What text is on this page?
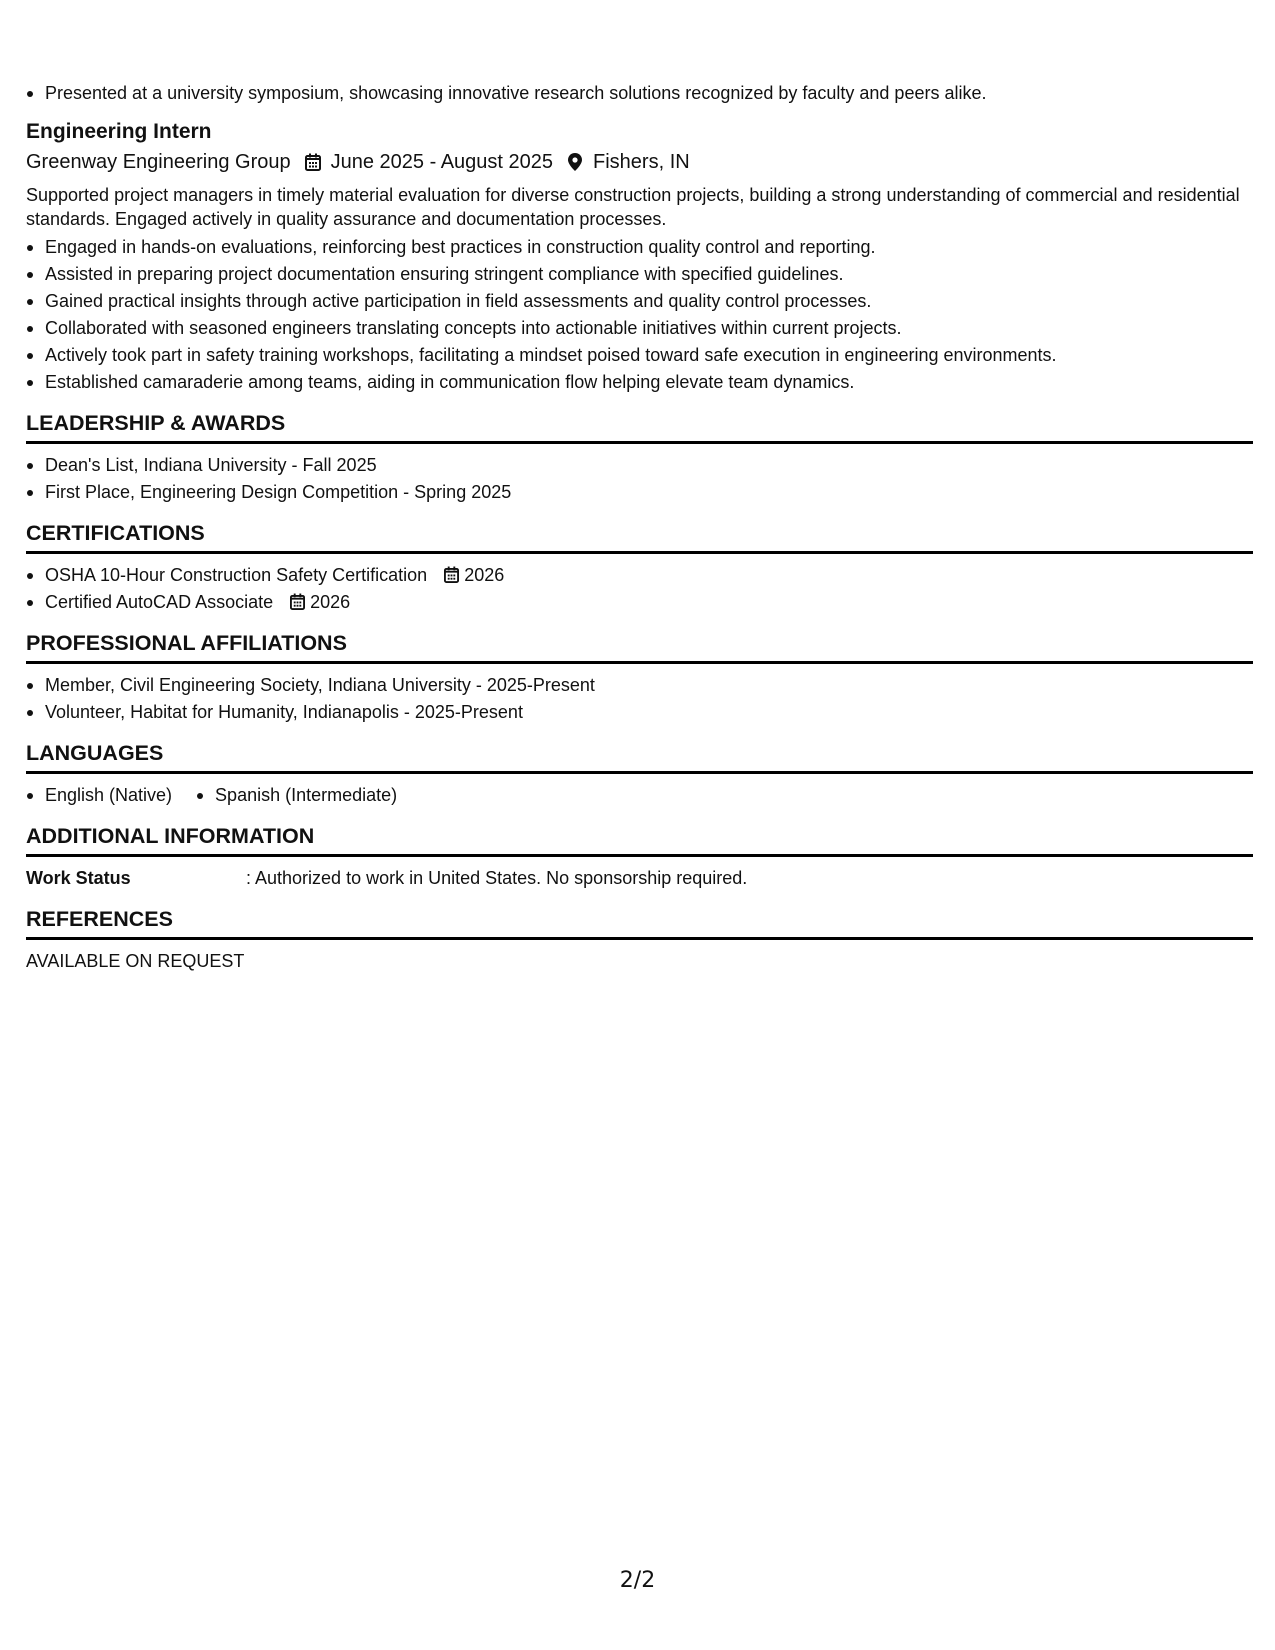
Presented at a university symposium, showcasing innovative research solutions recognized by faculty and peers alike.
Engineering Intern
Greenway Engineering Group June 2025 - August 2025 Fishers, IN
Supported project managers in timely material evaluation for diverse construction projects, building a strong understanding of commercial and residential standards. Engaged actively in quality assurance and documentation processes.
Engaged in hands-on evaluations, reinforcing best practices in construction quality control and reporting.
Assisted in preparing project documentation ensuring stringent compliance with specified guidelines.
Gained practical insights through active participation in field assessments and quality control processes.
Collaborated with seasoned engineers translating concepts into actionable initiatives within current projects.
Actively took part in safety training workshops, facilitating a mindset poised toward safe execution in engineering environments.
Established camaraderie among teams, aiding in communication flow helping elevate team dynamics.
LEADERSHIP & AWARDS
Dean's List, Indiana University - Fall 2025
First Place, Engineering Design Competition - Spring 2025
CERTIFICATIONS
OSHA 10-Hour Construction Safety Certification 2026
Certified AutoCAD Associate 2026
PROFESSIONAL AFFILIATIONS
Member, Civil Engineering Society, Indiana University - 2025-Present
Volunteer, Habitat for Humanity, Indianapolis - 2025-Present
LANGUAGES
English (Native)	Spanish (Intermediate)
ADDITIONAL INFORMATION
Work Status	: Authorized to work in United States. No sponsorship required.
REFERENCES
AVAILABLE ON REQUEST
2/2
